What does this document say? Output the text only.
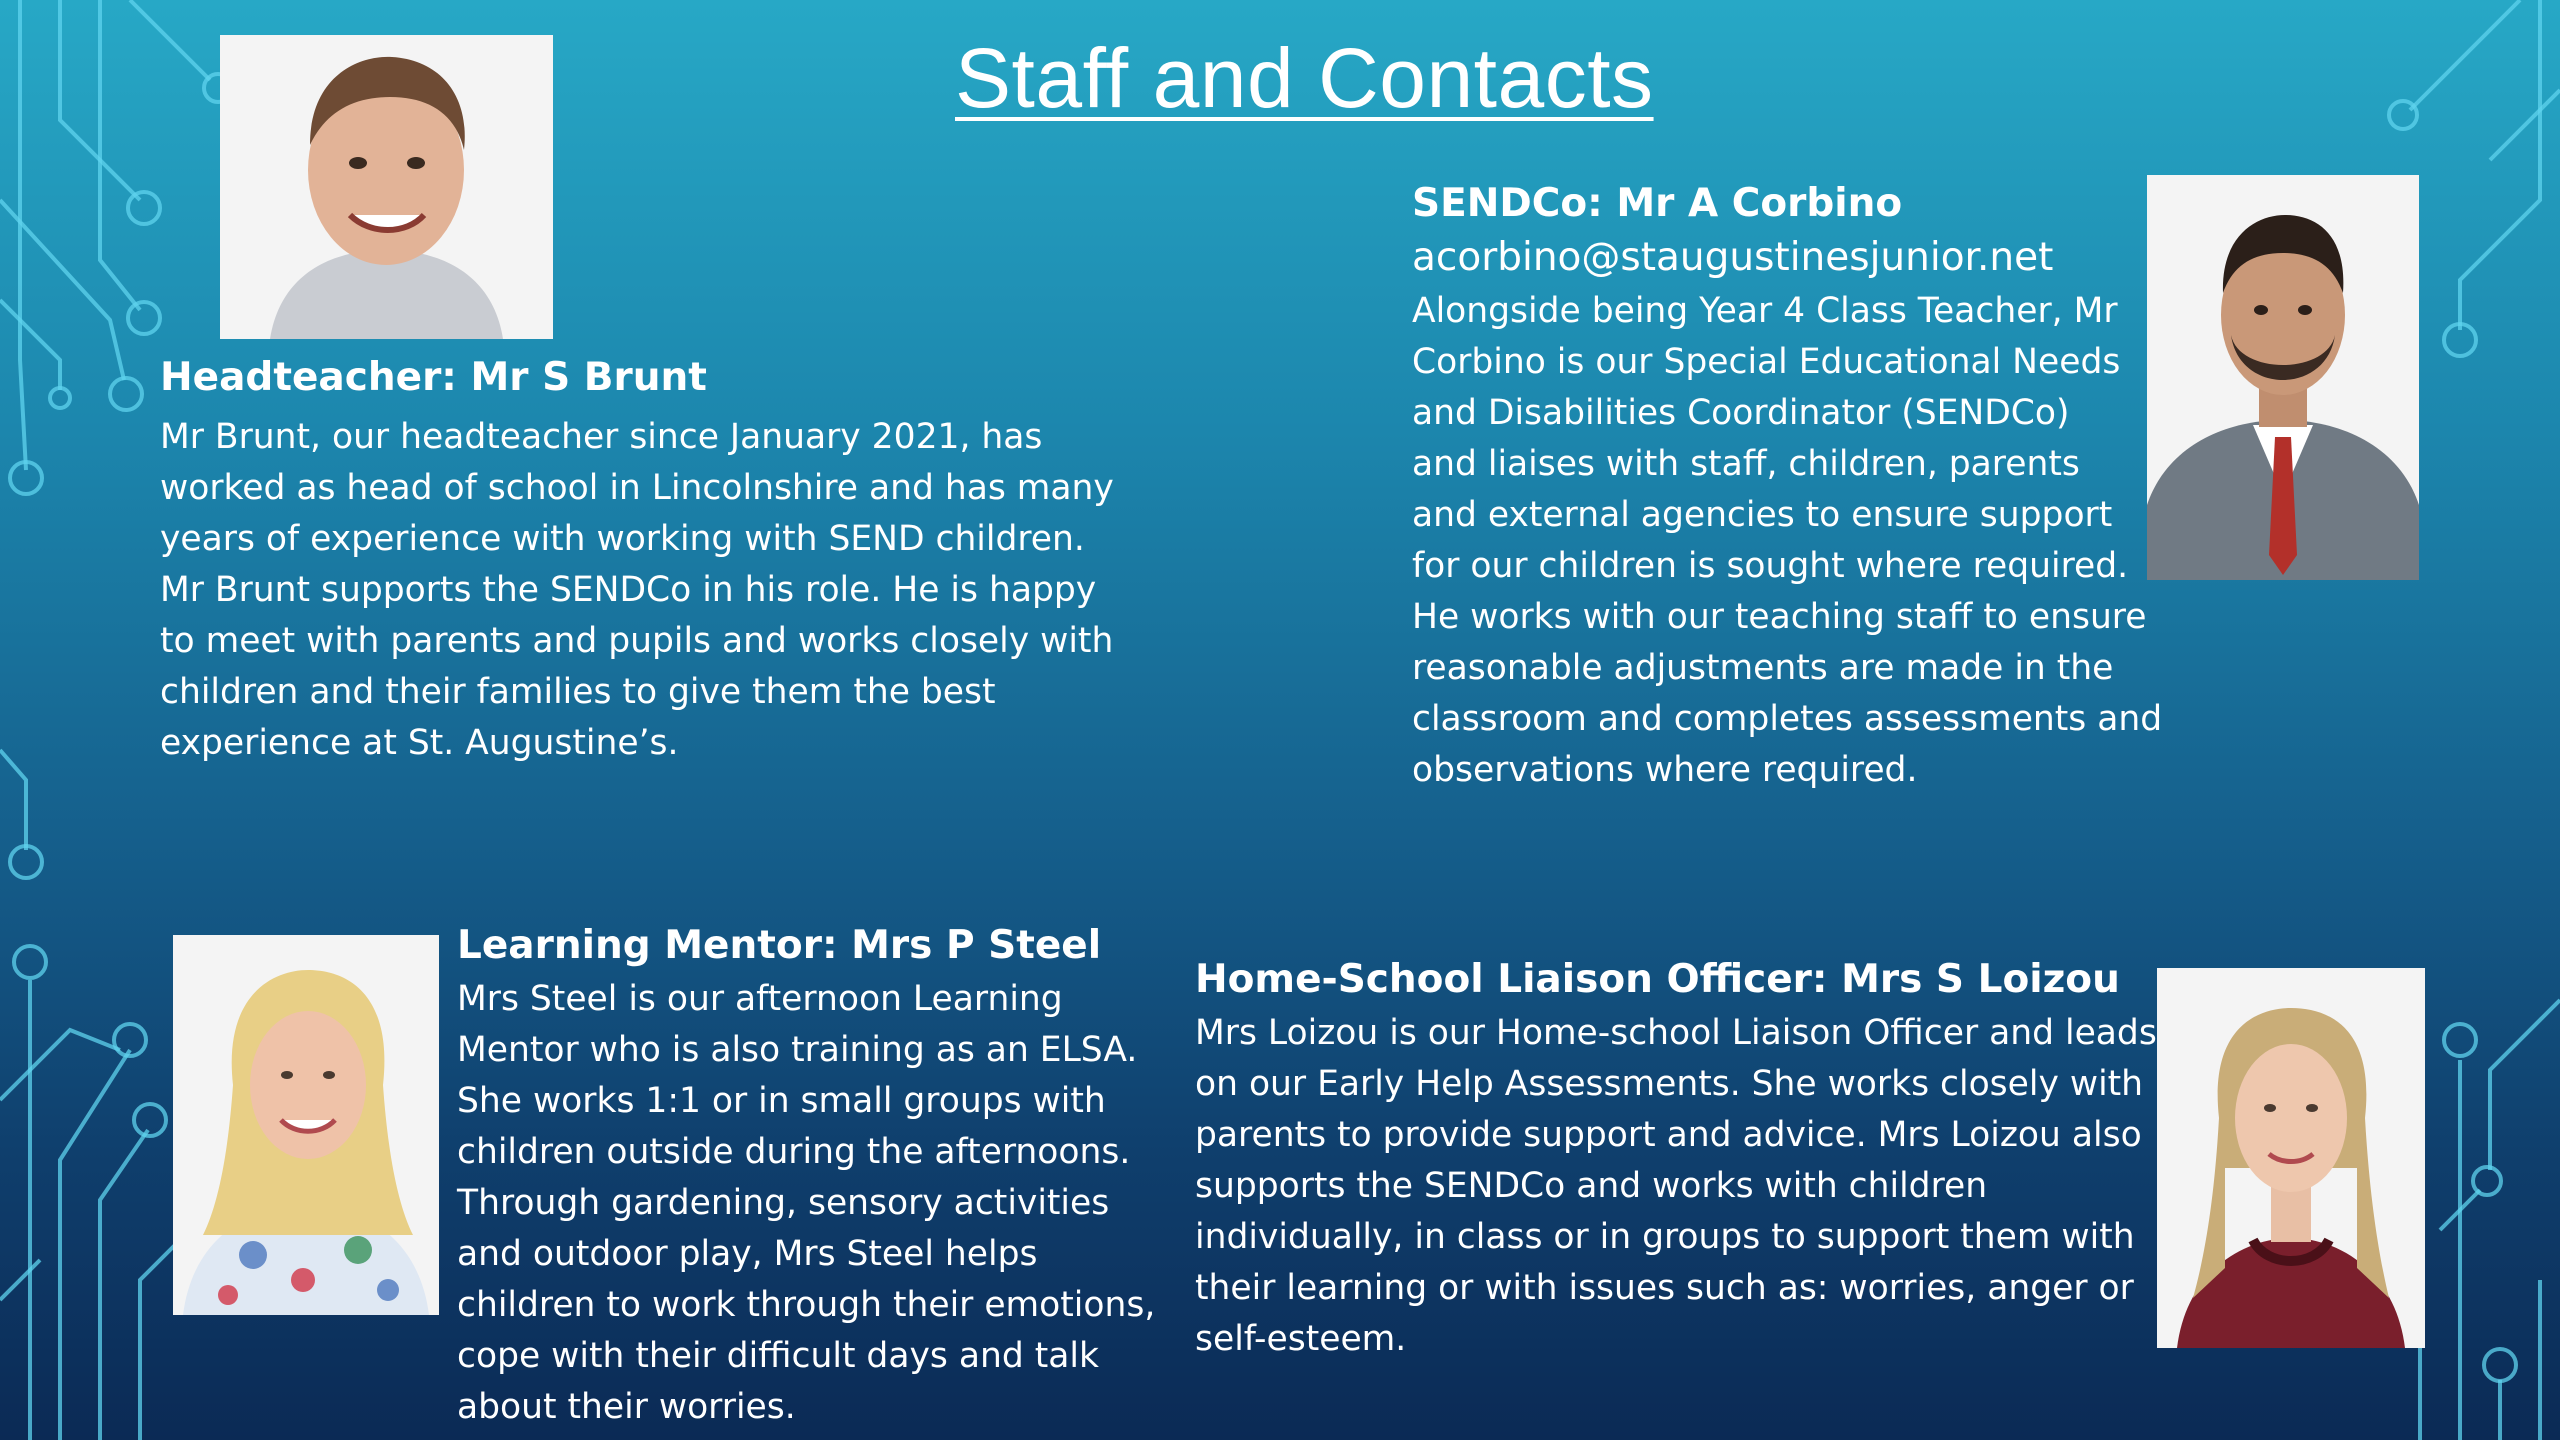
Staff and Contacts
Headteacher: Mr S Brunt
Mr Brunt, our headteacher since January 2021, has
worked as head of school in Lincolnshire and has many
years of experience with working with SEND children.
Mr Brunt supports the SENDCo in his role. He is happy
to meet with parents and pupils and works closely with
children and their families to give them the best
experience at St. Augustine’s.
SENDCo: Mr A Corbino
acorbino@staugustinesjunior.net
Alongside being Year 4 Class Teacher, Mr
Corbino is our Special Educational Needs
and Disabilities Coordinator (SENDCo)
and liaises with staff, children, parents
and external agencies to ensure support
for our children is sought where required.
He works with our teaching staff to ensure
reasonable adjustments are made in the
classroom and completes assessments and
observations where required.
Learning Mentor: Mrs P Steel
Mrs Steel is our afternoon Learning
Mentor who is also training as an ELSA.
She works 1:1 or in small groups with
children outside during the afternoons.
Through gardening, sensory activities
and outdoor play, Mrs Steel helps
children to work through their emotions,
cope with their difficult days and talk
about their worries.
Home-School Liaison Officer: Mrs S Loizou
Mrs Loizou is our Home-school Liaison Officer and leads
on our Early Help Assessments. She works closely with
parents to provide support and advice. Mrs Loizou also
supports the SENDCo and works with children
individually, in class or in groups to support them with
their learning or with issues such as: worries, anger or
self-esteem.
